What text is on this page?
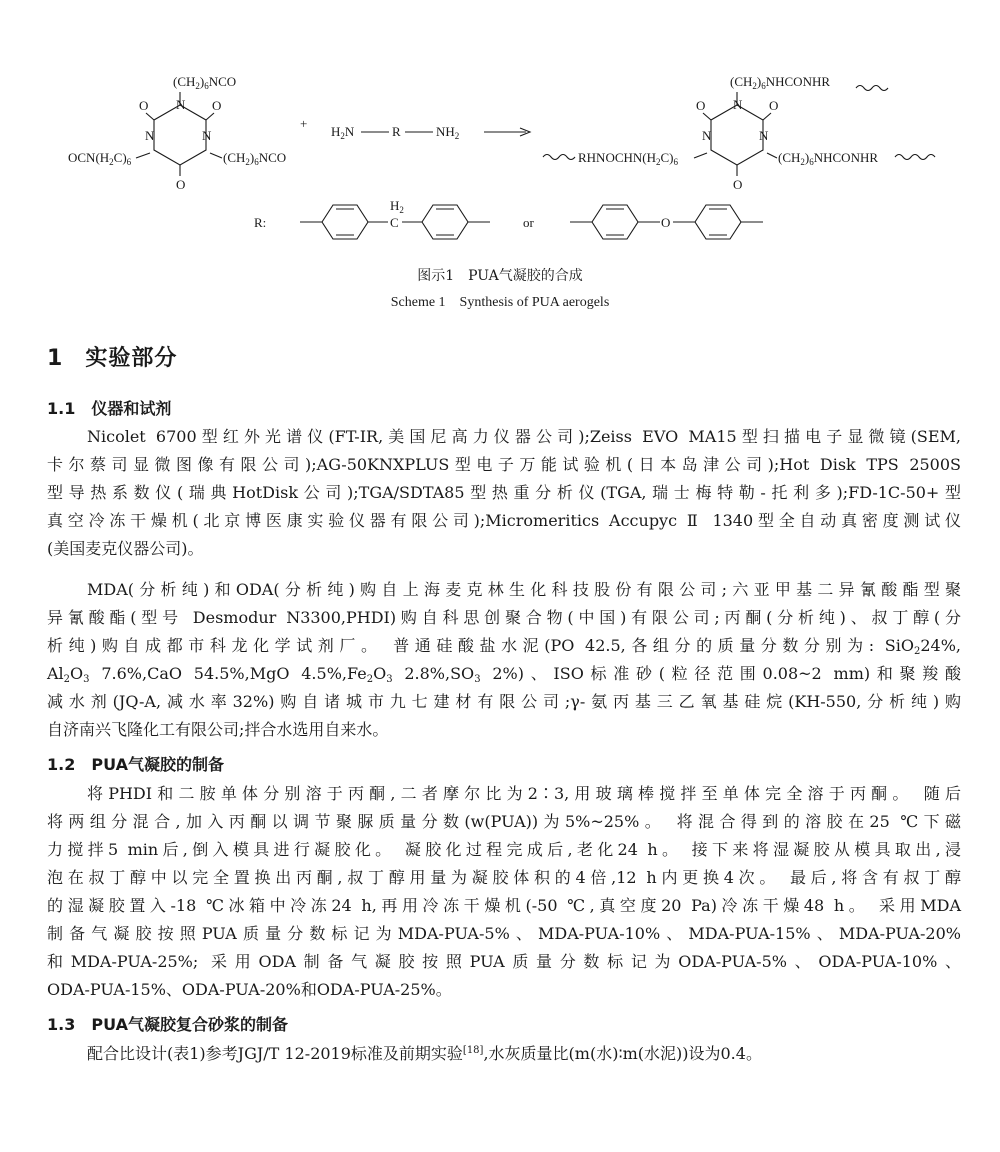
$(CH_2)_6NCO$
N
O	O
N	N
O
$OCN(H_2C)_6$	$(CH_2)_6NCO$
+
$H_2N$	R	$NH_2$
$(CH_2)_6NHCONHR$
N
O	O
N	N
O
$RHNOCHN(H_2C)_6$	$(CH_2)_6NHCONHR$
R:
$H_2$
C	or	O
图示1　PUA气凝胶的合成
Scheme 1　Synthesis of PUA aerogels
1 实验部分
1.1 仪器和试剂
Nicolet 6700型红外光谱仪(FT-IR,美国尼高力仪器公司);Zeiss EVO MA15型扫描电子显微镜(SEM,
卡尔蔡司显微图像有限公司);AG-50KNXPLUS型电子万能试验机(日本岛津公司);Hot Disk TPS 2500S
型导热系数仪(瑞典HotDisk公司);TGA/SDTA85型热重分析仪(TGA,瑞士梅特勒-托利多);FD-1C-50+型
真空冷冻干燥机(北京博医康实验仪器有限公司);Micromeritics Accupyc Ⅱ 1340型全自动真密度测试仪
(美国麦克仪器公司)。
MDA(分析纯)和ODA(分析纯)购自上海麦克林生化科技股份有限公司;六亚甲基二异氰酸酯型聚
异氰酸酯(型号 Desmodur N3300,PHDI)购自科思创聚合物(中国)有限公司;丙酮(分析纯)、叔丁醇(分
析纯)购自成都市科龙化学试剂厂。 普通硅酸盐水泥(PO 42.5,各组分的质量分数分别为: SiO$_2$24%,
$Al_2O_3$ 7.6%,CaO 54.5%,MgO $4.5\%,Fe_2O_3$ $2.8\%,SO_3$ 2%)、ISO标准砂(粒径范围0.08~2 mm)和聚羧酸
减水剂(JQ-A,减水率32%)购自诸城市九七建材有限公司;γ-氨丙基三乙氧基硅烷(KH-550,分析纯)购
自济南兴飞隆化工有限公司;拌合水选用自来水。
1.2 PUA气凝胶的制备
将PHDI和二胺单体分别溶于丙酮,二者摩尔比为2∶3,用玻璃棒搅拌至单体完全溶于丙酮。 随后
将两组分混合,加入丙酮以调节聚脲质量分数(w(PUA))为5%~25%。 将混合得到的溶胶在25 ℃下磁
力搅拌5 min后,倒入模具进行凝胶化。 凝胶化过程完成后,老化24 h。 接下来将湿凝胶从模具取出,浸
泡在叔丁醇中以完全置换出丙酮,叔丁醇用量为凝胶体积的4倍,12 h内更换4次。 最后,将含有叔丁醇
的湿凝胶置入-18 ℃冰箱中冷冻24 h,再用冷冻干燥机(-50 ℃,真空度20 Pa)冷冻干燥48 h。 采用MDA
制备气凝胶按照PUA质量分数标记为MDA-PUA-5%、MDA-PUA-10%、MDA-PUA-15%、MDA-PUA-20%
和MDA-PUA-25%; 采用ODA制备气凝胶按照PUA质量分数标记为ODA-PUA-5%、ODA-PUA-10%、
ODA-PUA-15%、ODA-PUA-20%和ODA-PUA-25%。
1.3 PUA气凝胶复合砂浆的制备
配合比设计(表1)参考JGJ/T 12-2019标准及前期实验[18],水灰质量比(m(水)∶m(水泥))设为0.4。
